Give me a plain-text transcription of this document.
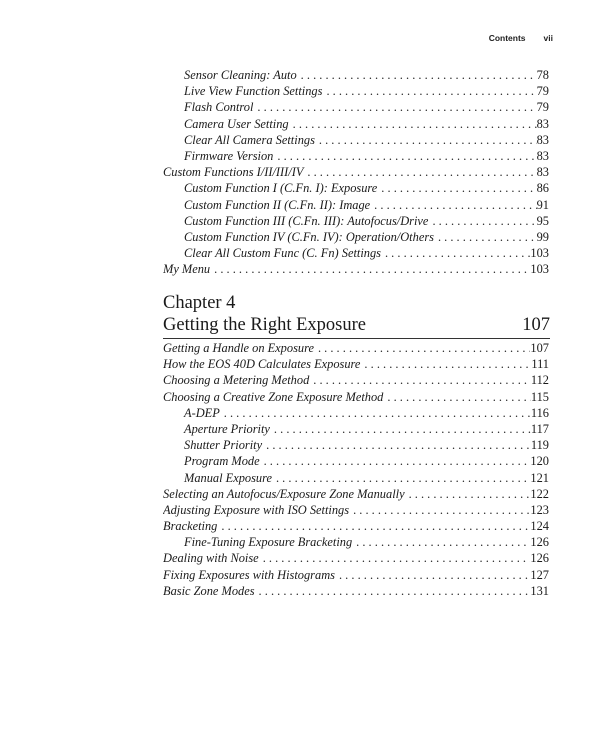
Contents vii
Sensor Cleaning: Auto . . .	78
Live View Function Settings . . .	79
Flash Control . . .	79
Camera User Setting . . .	83
Clear All Camera Settings . . .	83
Firmware Version . . .	83
Custom Functions I/II/III/IV . . .	83
Custom Function I (C.Fn. I): Exposure . . .	86
Custom Function II (C.Fn. II): Image . . .	91
Custom Function III (C.Fn. III): Autofocus/Drive . . .	95
Custom Function IV (C.Fn. IV): Operation/Others . . .	99
Clear All Custom Func (C. Fn) Settings . . .	103
My Menu . . .	103
Chapter 4
Getting the Right Exposure	107
Getting a Handle on Exposure . . .	107
How the EOS 40D Calculates Exposure . . .	111
Choosing a Metering Method . . .	112
Choosing a Creative Zone Exposure Method . . .	115
A-DEP . . .	116
Aperture Priority . . .	117
Shutter Priority . . .	119
Program Mode . . .	120
Manual Exposure . . .	121
Selecting an Autofocus/Exposure Zone Manually . . .	122
Adjusting Exposure with ISO Settings . . .	123
Bracketing . . .	124
Fine-Tuning Exposure Bracketing . . .	126
Dealing with Noise . . .	126
Fixing Exposures with Histograms . . .	127
Basic Zone Modes . . .	131
